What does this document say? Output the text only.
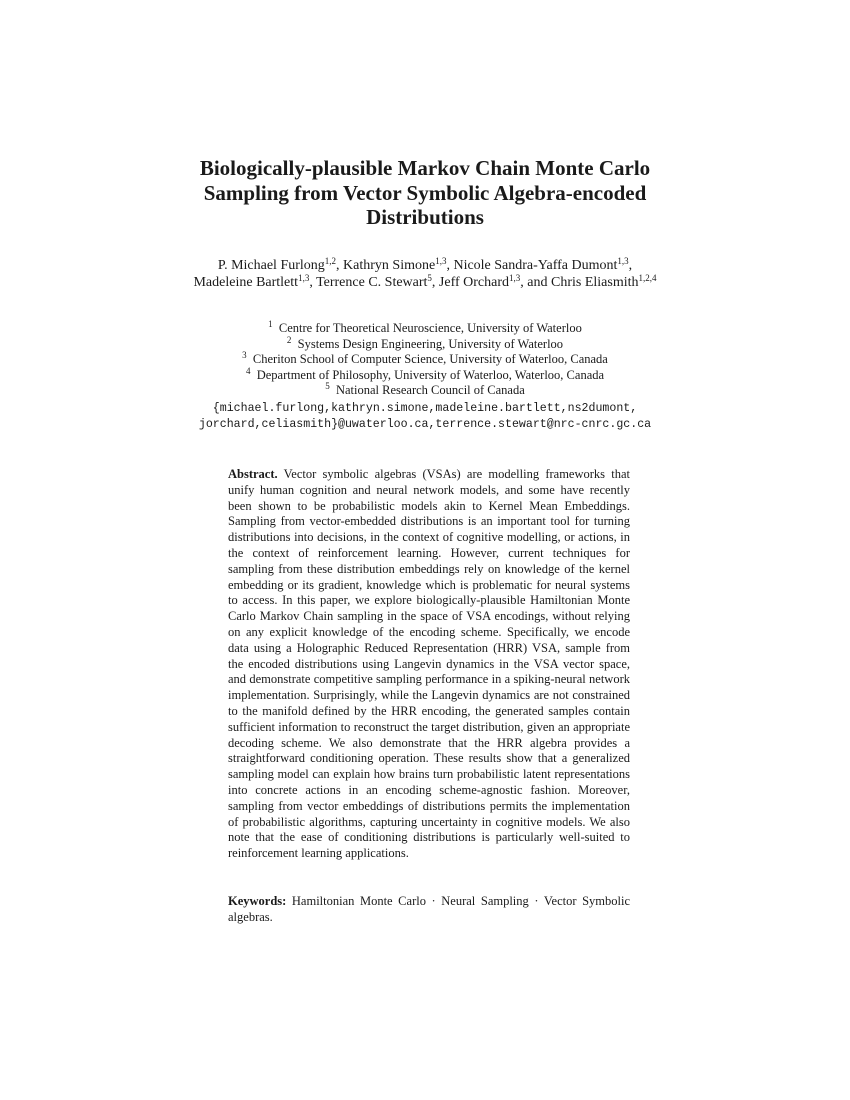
Biologically-plausible Markov Chain Monte Carlo
Sampling from Vector Symbolic Algebra-encoded
Distributions
P. Michael Furlong$^{1,2}$, Kathryn Simone$^{1,3}$, Nicole Sandra-Yaffa Dumont$^{1,3}$,
Madeleine Bartlett$^{1,3}$, Terrence C. Stewart$^5$, Jeff Orchard$^{1,3}$, and Chris Eliasmith$^{1,2,4}$
$^1$ Centre for Theoretical Neuroscience, University of Waterloo
$^2$ Systems Design Engineering, University of Waterloo
$^3$ Cheriton School of Computer Science, University of Waterloo, Canada
$^4$ Department of Philosophy, University of Waterloo, Waterloo, Canada
$^5$ National Research Council of Canada
{michael.furlong,kathryn.simone,madeleine.bartlett,ns2dumont,
jorchard,celiasmith}@uwaterloo.ca,terrence.stewart@nrc-cnrc.gc.ca
Abstract. Vector symbolic algebras (VSAs) are modelling frameworks that unify human cognition and neural network models, and some have recently been shown to be probabilistic models akin to Kernel Mean Embeddings. Sampling from vector-embedded distributions is an important tool for turning distributions into decisions, in the context of cognitive modelling, or actions, in the context of reinforcement learning. However, current techniques for sampling from these distribution embeddings rely on knowledge of the kernel embedding or its gradient, knowledge which is problematic for neural systems to access. In this paper, we explore biologically-plausible Hamiltonian Monte Carlo Markov Chain sampling in the space of VSA encodings, without relying on any explicit knowledge of the encoding scheme. Specifically, we encode data using a Holographic Reduced Representation (HRR) VSA, sample from the encoded distributions using Langevin dynamics in the VSA vector space, and demonstrate competitive sampling performance in a spiking-neural network implementation. Surprisingly, while the Langevin dynamics are not constrained to the manifold defined by the HRR encoding, the generated samples contain sufficient information to reconstruct the target distribution, given an appropriate decoding scheme. We also demonstrate that the HRR algebra provides a straightforward conditioning operation. These results show that a generalized sampling model can explain how brains turn probabilistic latent representations into concrete actions in an encoding scheme-agnostic fashion. Moreover, sampling from vector embeddings of distributions permits the implementation of probabilistic algorithms, capturing uncertainty in cognitive models. We also note that the ease of conditioning distributions is particularly well-suited to reinforcement learning applications.
Keywords: Hamiltonian Monte Carlo · Neural Sampling · Vector Symbolic algebras.
